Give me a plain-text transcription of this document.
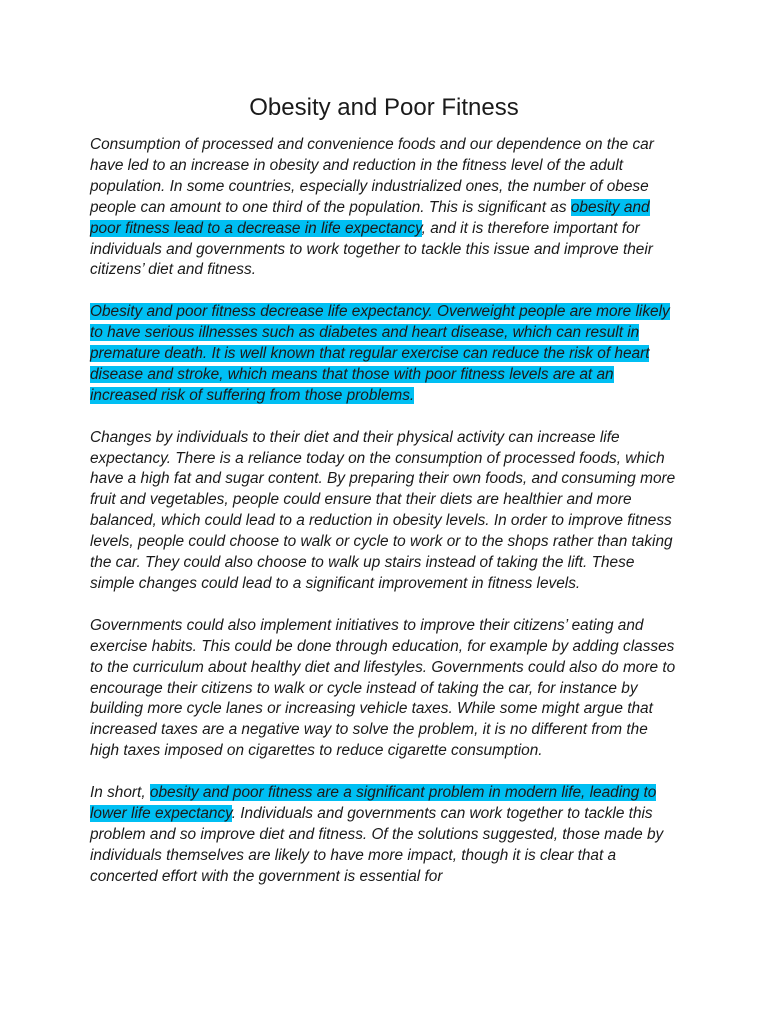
Obesity and Poor Fitness

Consumption of processed and convenience foods and our dependence on the car have led to an increase in obesity and reduction in the fitness level of the adult population. In some countries, especially industrialized ones, the number of obese people can amount to one third of the population. This is significant as obesity and poor fitness lead to a decrease in life expectancy, and it is therefore important for individuals and governments to work together to tackle this issue and improve their citizens’ diet and fitness.

Obesity and poor fitness decrease life expectancy. Overweight people are more likely to have serious illnesses such as diabetes and heart disease, which can result in premature death. It is well known that regular exercise can reduce the risk of heart disease and stroke, which means that those with poor fitness levels are at an increased risk of suffering from those problems.

Changes by individuals to their diet and their physical activity can increase life expectancy. There is a reliance today on the consumption of processed foods, which have a high fat and sugar content. By preparing their own foods, and consuming more fruit and vegetables, people could ensure that their diets are healthier and more balanced, which could lead to a reduction in obesity levels. In order to improve fitness levels, people could choose to walk or cycle to work or to the shops rather than taking the car. They could also choose to walk up stairs instead of taking the lift. These simple changes could lead to a significant improvement in fitness levels.

Governments could also implement initiatives to improve their citizens’ eating and exercise habits. This could be done through education, for example by adding classes to the curriculum about healthy diet and lifestyles. Governments could also do more to encourage their citizens to walk or cycle instead of taking the car, for instance by building more cycle lanes or increasing vehicle taxes. While some might argue that increased taxes are a negative way to solve the problem, it is no different from the high taxes imposed on cigarettes to reduce cigarette consumption.

In short, obesity and poor fitness are a significant problem in modern life, leading to lower life expectancy. Individuals and governments can work together to tackle this problem and so improve diet and fitness. Of the solutions suggested, those made by individuals themselves are likely to have more impact, though it is clear that a concerted effort with the government is essential for
